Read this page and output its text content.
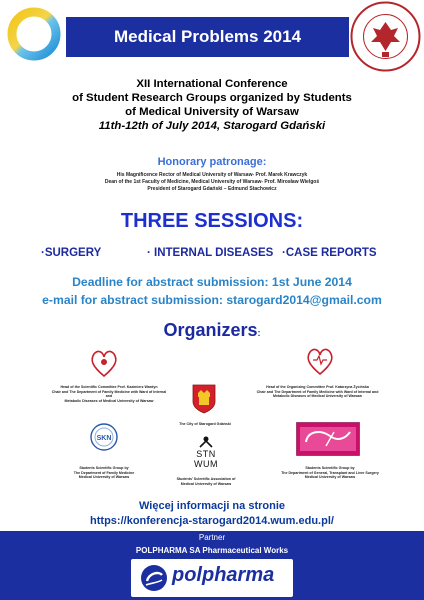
Medical Problems 2014
XII International Conference
of Student Research Groups organized by Students
of Medical University of Warsaw
11th-12th of July 2014, Starogard Gdański
Honorary patronage:
His Magnificence Rector of Medical University of Warsaw- Prof. Marek Krawczyk
Dean of the 1st Faculty of Medicine, Medical University of Warsaw- Prof. Mirosław Wielgoś
President of Starogard Gdański – Edmund Stachowicz
THREE SESSIONS:
·SURGERY	· INTERNAL DISEASES ·CASE REPORTS
Deadline for abstract submission: 1st June 2014
e-mail for abstract submission: starogard2014@gmail.com
Organizers:
Head of the Scientific Committee Prof. Kazimierz Wardyn
Chair and The Department of Family Medicine with Ward of Internal and
Metabolic Diseases of Medical University of Warsaw
Head of the Organizing Committee Prof. Katarzyna Życińska
Chair and The Department of Family Medicine with Ward of Internal and
Metabolic Diseases of Medical University of Warsaw
The City of Starogard Gdański
SKN
Students Scientific Group by
The Department of Family Medicine
Medical University of Warsaw
STN
WUM
Students' Scientific Association of
Medical University of Warsaw
Students Scientific Group by
The Department of General, Transplant and Liver Surgery
Medical University of Warsaw
Więcej informacji na stronie
https://konferencja-starogard2014.wum.edu.pl/
Partner
POLPHARMA SA Pharmaceutical Works
polpharma
